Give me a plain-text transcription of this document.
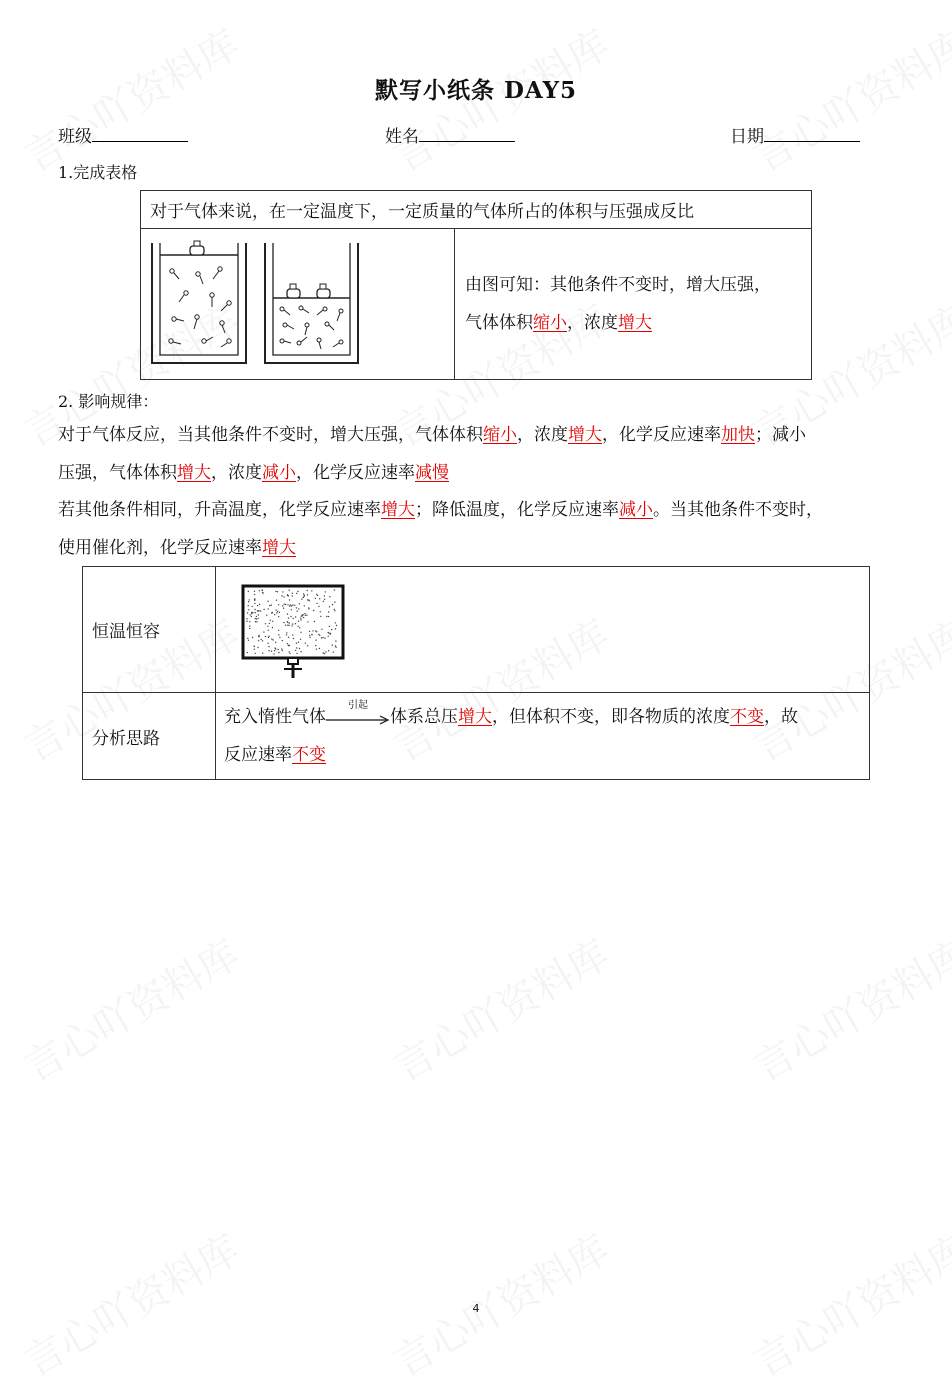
默写小纸条 DAY5
班级	姓名	日期
1.完成表格
对于气体来说，在一定温度下，一定质量的气体所占的体积与压强成反比

由图可知：其他条件不变时，增大压强，
气体体积缩小，浓度增大
2. 影响规律：
对于气体反应，当其他条件不变时，增大压强，气体体积缩小，浓度增大，化学反应速率加快；减小
压强，气体体积增大，浓度减小，化学反应速率减慢
若其他条件相同，升高温度，化学反应速率增大；降低温度，化学反应速率减小。当其他条件不变时，
使用催化剂，化学反应速率增大
恒温恒容	

分析思路	充入惰性气体
引起
体系总压增大，但体积不变，即各物质的浓度不变，故
反应速率不变
4
